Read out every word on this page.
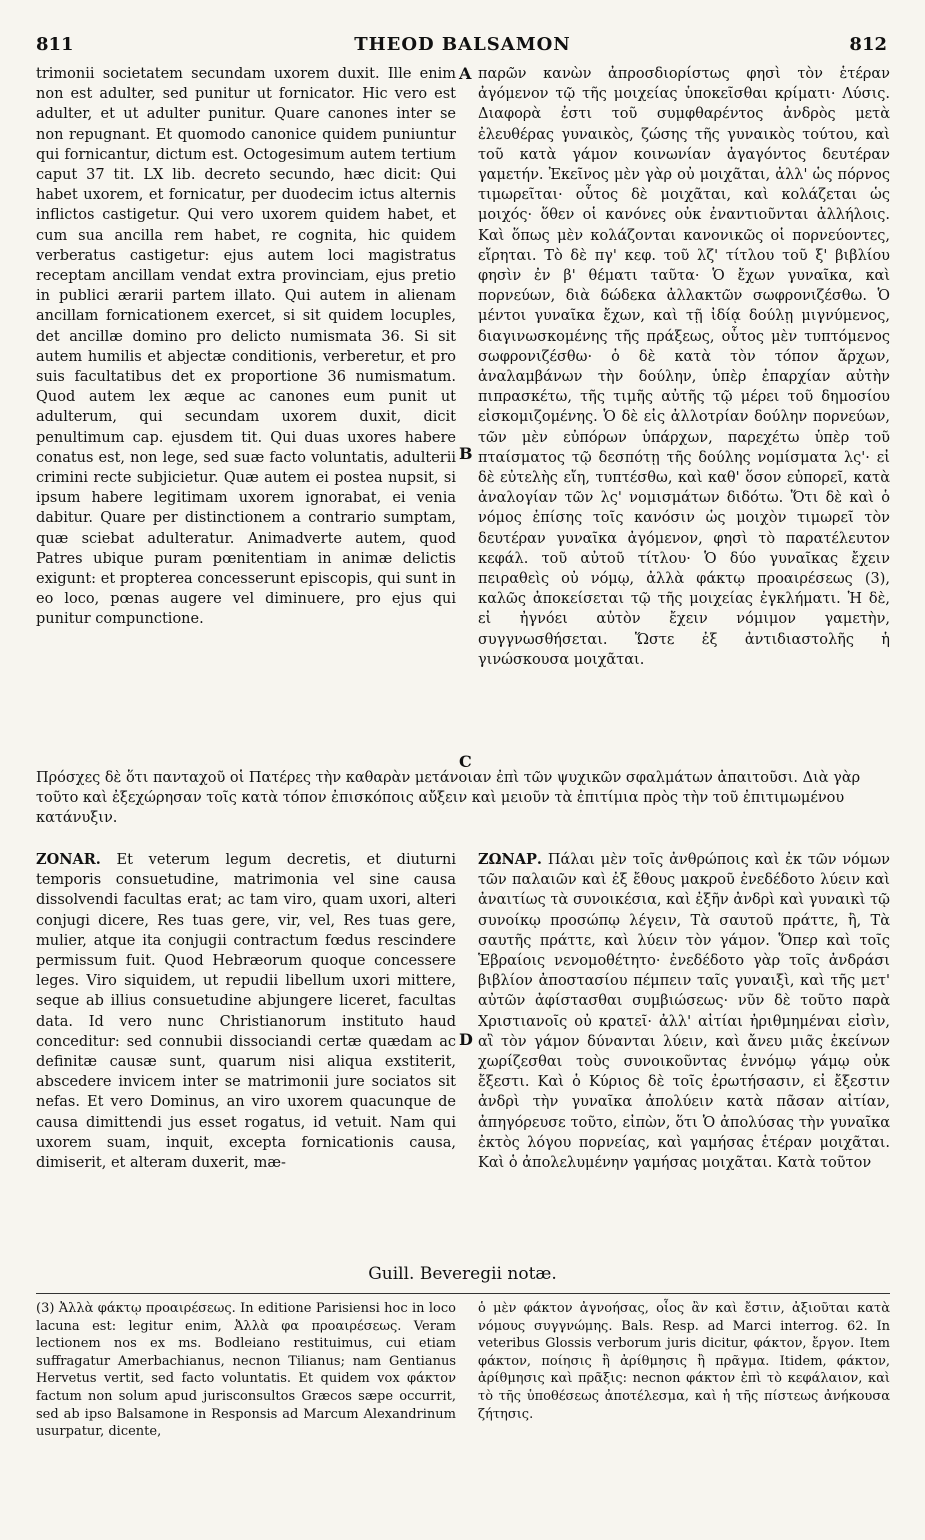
811	THEOD BALSAMON	812
A
B
C
D

trimonii societatem secundam uxorem duxit. Ille enim non est adulter, sed punitur ut fornicator. Hic vero est adulter, et ut adulter punitur. Quare canones inter se non repugnant. Et quomodo canonice quidem puniuntur qui fornicantur, dictum est. Octogesimum autem tertium caput 37 tit. LX lib. decreto secundo, hæc dicit: Qui habet uxorem, et fornicatur, per duodecim ictus alternis inflictos castigetur. Qui vero uxorem quidem habet, et cum sua ancilla rem habet, re cognita, hic quidem verberatus castigetur: ejus autem loci magistratus receptam ancillam vendat extra provinciam, ejus pretio in publici ærarii partem illato. Qui autem in alienam ancillam fornicationem exercet, si sit quidem locuples, det ancillæ domino pro delicto numismata 36. Si sit autem humilis et abjectæ conditionis, verberetur, et pro suis facultatibus det ex proportione 36 numismatum. Quod autem lex æque ac canones eum punit ut adulterum, qui secundam uxorem duxit, dicit penultimum cap. ejusdem tit. Qui duas uxores habere conatus est, non lege, sed suæ facto voluntatis, adulterii crimini recte subjicietur. Quæ autem ei postea nupsit, si ipsum habere legitimam uxorem ignorabat, ei venia dabitur. Quare per distinctionem a contrario sumptam, quæ sciebat adulteratur. Animadverte autem, quod Patres ubique puram pœnitentiam in animæ delictis exigunt: et propterea concesserunt episcopis, qui sunt in eo loco, pœnas augere vel diminuere, pro ejus qui punitur compunctione.

παρῶν κανὼν ἀπροσδιορίστως φησὶ τὸν ἑτέραν ἀγόμενον τῷ τῆς μοιχείας ὑποκεῖσθαι κρίματι· Λύσις. Διαφορὰ ἐστι τοῦ συμφθαρέντος ἀνδρὸς μετὰ ἐλευθέρας γυναικὸς, ζώσης τῆς γυναικὸς τούτου, καὶ τοῦ κατὰ γάμον κοινωνίαν ἀγαγόντος δευτέραν γαμετήν. Ἐκεῖνος μὲν γὰρ οὐ μοιχᾶται, ἀλλ' ὡς πόρνος τιμωρεῖται· οὗτος δὲ μοιχᾶται, καὶ κολάζεται ὡς μοιχός· ὅθεν οἱ κανόνες οὐκ ἐναντιοῦνται ἀλλήλοις. Καὶ ὅπως μὲν κολάζονται κανονικῶς οἱ πορνεύοντες, εἴρηται. Τὸ δὲ πγ' κεφ. τοῦ λζ' τίτλου τοῦ ξ' βιβλίου φησὶν ἐν β' θέματι ταῦτα· Ὁ ἔχων γυναῖκα, καὶ πορνεύων, διὰ δώδεκα ἀλλακτῶν σωφρονιζέσθω. Ὁ μέντοι γυναῖκα ἔχων, καὶ τῇ ἰδίᾳ δούλῃ μιγνύμενος, διαγινωσκομένης τῆς πράξεως, οὗτος μὲν τυπτόμενος σωφρονιζέσθω· ὁ δὲ κατὰ τὸν τόπον ἄρχων, ἀναλαμβάνων τὴν δούλην, ὑπὲρ ἐπαρχίαν αὐτὴν πιπρασκέτω, τῆς τιμῆς αὐτῆς τῷ μέρει τοῦ δημοσίου εἰσκομιζομένης. Ὁ δὲ εἰς ἀλλοτρίαν δούλην πορνεύων, τῶν μὲν εὐπόρων ὑπάρχων, παρεχέτω ὑπὲρ τοῦ πταίσματος τῷ δεσπότῃ τῆς δούλης νομίσματα λς'· εἰ δὲ εὐτελὴς εἴη, τυπτέσθω, καὶ καθ' ὅσον εὐπορεῖ, κατὰ ἀναλογίαν τῶν λς' νομισμάτων διδότω. Ὅτι δὲ καὶ ὁ νόμος ἐπίσης τοῖς κανόσιν ὡς μοιχὸν τιμωρεῖ τὸν δευτέραν γυναῖκα ἀγόμενον, φησὶ τὸ παρατέλευτον κεφάλ. τοῦ αὐτοῦ τίτλου· Ὁ δύο γυναῖκας ἔχειν πειραθεὶς οὐ νόμῳ, ἀλλὰ φάκτῳ προαιρέσεως (3), καλῶς ἀποκείσεται τῷ τῆς μοιχείας ἐγκλήματι. Ἡ δὲ, εἰ ἠγνόει αὐτὸν ἔχειν νόμιμον γαμετὴν, συγγνωσθήσεται. Ὥστε ἐξ ἀντιδιαστολῆς ἡ γινώσκουσα μοιχᾶται.

Πρόσχες δὲ ὅτι πανταχοῦ οἱ Πατέρες τὴν καθαρὰν μετάνοιαν ἐπὶ τῶν ψυχικῶν σφαλμάτων ἀπαιτοῦσι. Διὰ γὰρ τοῦτο καὶ ἐξεχώρησαν τοῖς κατὰ τόπον ἐπισκόποις αὔξειν καὶ μειοῦν τὰ ἐπιτίμια πρὸς τὴν τοῦ ἐπιτιμωμένου κατάνυξιν.

ZONAR. Et veterum legum decretis, et diuturni temporis consuetudine, matrimonia vel sine causa dissolvendi facultas erat; ac tam viro, quam uxori, alteri conjugi dicere, Res tuas gere, vir, vel, Res tuas gere, mulier, atque ita conjugii contractum fœdus rescindere permissum fuit. Quod Hebræorum quoque concessere leges. Viro siquidem, ut repudii libellum uxori mittere, seque ab illius consuetudine abjungere liceret, facultas data. Id vero nunc Christianorum instituto haud conceditur: sed connubii dissociandi certæ quædam ac definitæ causæ sunt, quarum nisi aliqua exstiterit, abscedere invicem inter se matrimonii jure sociatos sit nefas. Et vero Dominus, an viro uxorem quacunque de causa dimittendi jus esset rogatus, id vetuit. Nam qui uxorem suam, inquit, excepta fornicationis causa, dimiserit, et alteram duxerit, mæ-

ΖΩΝΑΡ. Πάλαι μὲν τοῖς ἀνθρώποις καὶ ἐκ τῶν νόμων τῶν παλαιῶν καὶ ἐξ ἔθους μακροῦ ἐνεδέδοτο λύειν καὶ ἀναιτίως τὰ συνοικέσια, καὶ ἐξῆν ἀνδρὶ καὶ γυναικὶ τῷ συνοίκῳ προσώπῳ λέγειν, Τὰ σαυτοῦ πράττε, ἢ, Τὰ σαυτῆς πράττε, καὶ λύειν τὸν γάμον. Ὅπερ καὶ τοῖς Ἑβραίοις νενομοθέτητο· ἐνεδέδοτο γὰρ τοῖς ἀνδράσι βιβλίον ἀποστασίου πέμπειν ταῖς γυναιξὶ, καὶ τῆς μετ' αὐτῶν ἀφίστασθαι συμβιώσεως· νῦν δὲ τοῦτο παρὰ Χριστιανοῖς οὐ κρατεῖ· ἀλλ' αἰτίαι ἠριθμημέναι εἰσὶν, αἳ τὸν γάμον δύνανται λύειν, καὶ ἄνευ μιᾶς ἐκείνων χωρίζεσθαι τοὺς συνοικοῦντας ἐννόμῳ γάμῳ οὐκ ἔξεστι. Καὶ ὁ Κύριος δὲ τοῖς ἐρωτήσασιν, εἰ ἔξεστιν ἀνδρὶ τὴν γυναῖκα ἀπολύειν κατὰ πᾶσαν αἰτίαν, ἀπηγόρευσε τοῦτο, εἰπὼν, ὅτι Ὁ ἀπολύσας τὴν γυναῖκα ἐκτὸς λόγου πορνείας, καὶ γαμήσας ἑτέραν μοιχᾶται. Καὶ ὁ ἀπολελυμένην γαμήσας μοιχᾶται. Κατὰ τοῦτον

Guill. Beveregii notæ.
(3) Ἀλλὰ φάκτῳ προαιρέσεως. In editione Parisiensi hoc in loco lacuna est: legitur enim, Ἀλλὰ φα προαιρέσεως. Veram lectionem nos ex ms. Bodleiano restituimus, cui etiam suffragatur Amerbachianus, necnon Tilianus; nam Gentianus Hervetus vertit, sed facto voluntatis. Et quidem vox φάκτον factum non solum apud jurisconsultos Græcos sæpe occurrit, sed ab ipso Balsamone in Responsis ad Marcum Alexandrinum usurpatur, dicente,
ὁ μὲν φάκτον ἀγνοήσας, οἷος ἂν καὶ ἔστιν, ἀξιοῦται κατὰ νόμους συγγνώμης. Bals. Resp. ad Marci interrog. 62. In veteribus Glossis verborum juris dicitur, φάκτον, ἔργον. Item φάκτον, ποίησις ἢ ἀρίθμησις ἢ πρᾶγμα. Itidem, φάκτον, ἀρίθμησις καὶ πρᾶξις: necnon φάκτον ἐπὶ τὸ κεφάλαιον, καὶ τὸ τῆς ὑποθέσεως ἀποτέλεσμα, καὶ ἡ τῆς πίστεως ἀνήκουσα ζήτησις.
